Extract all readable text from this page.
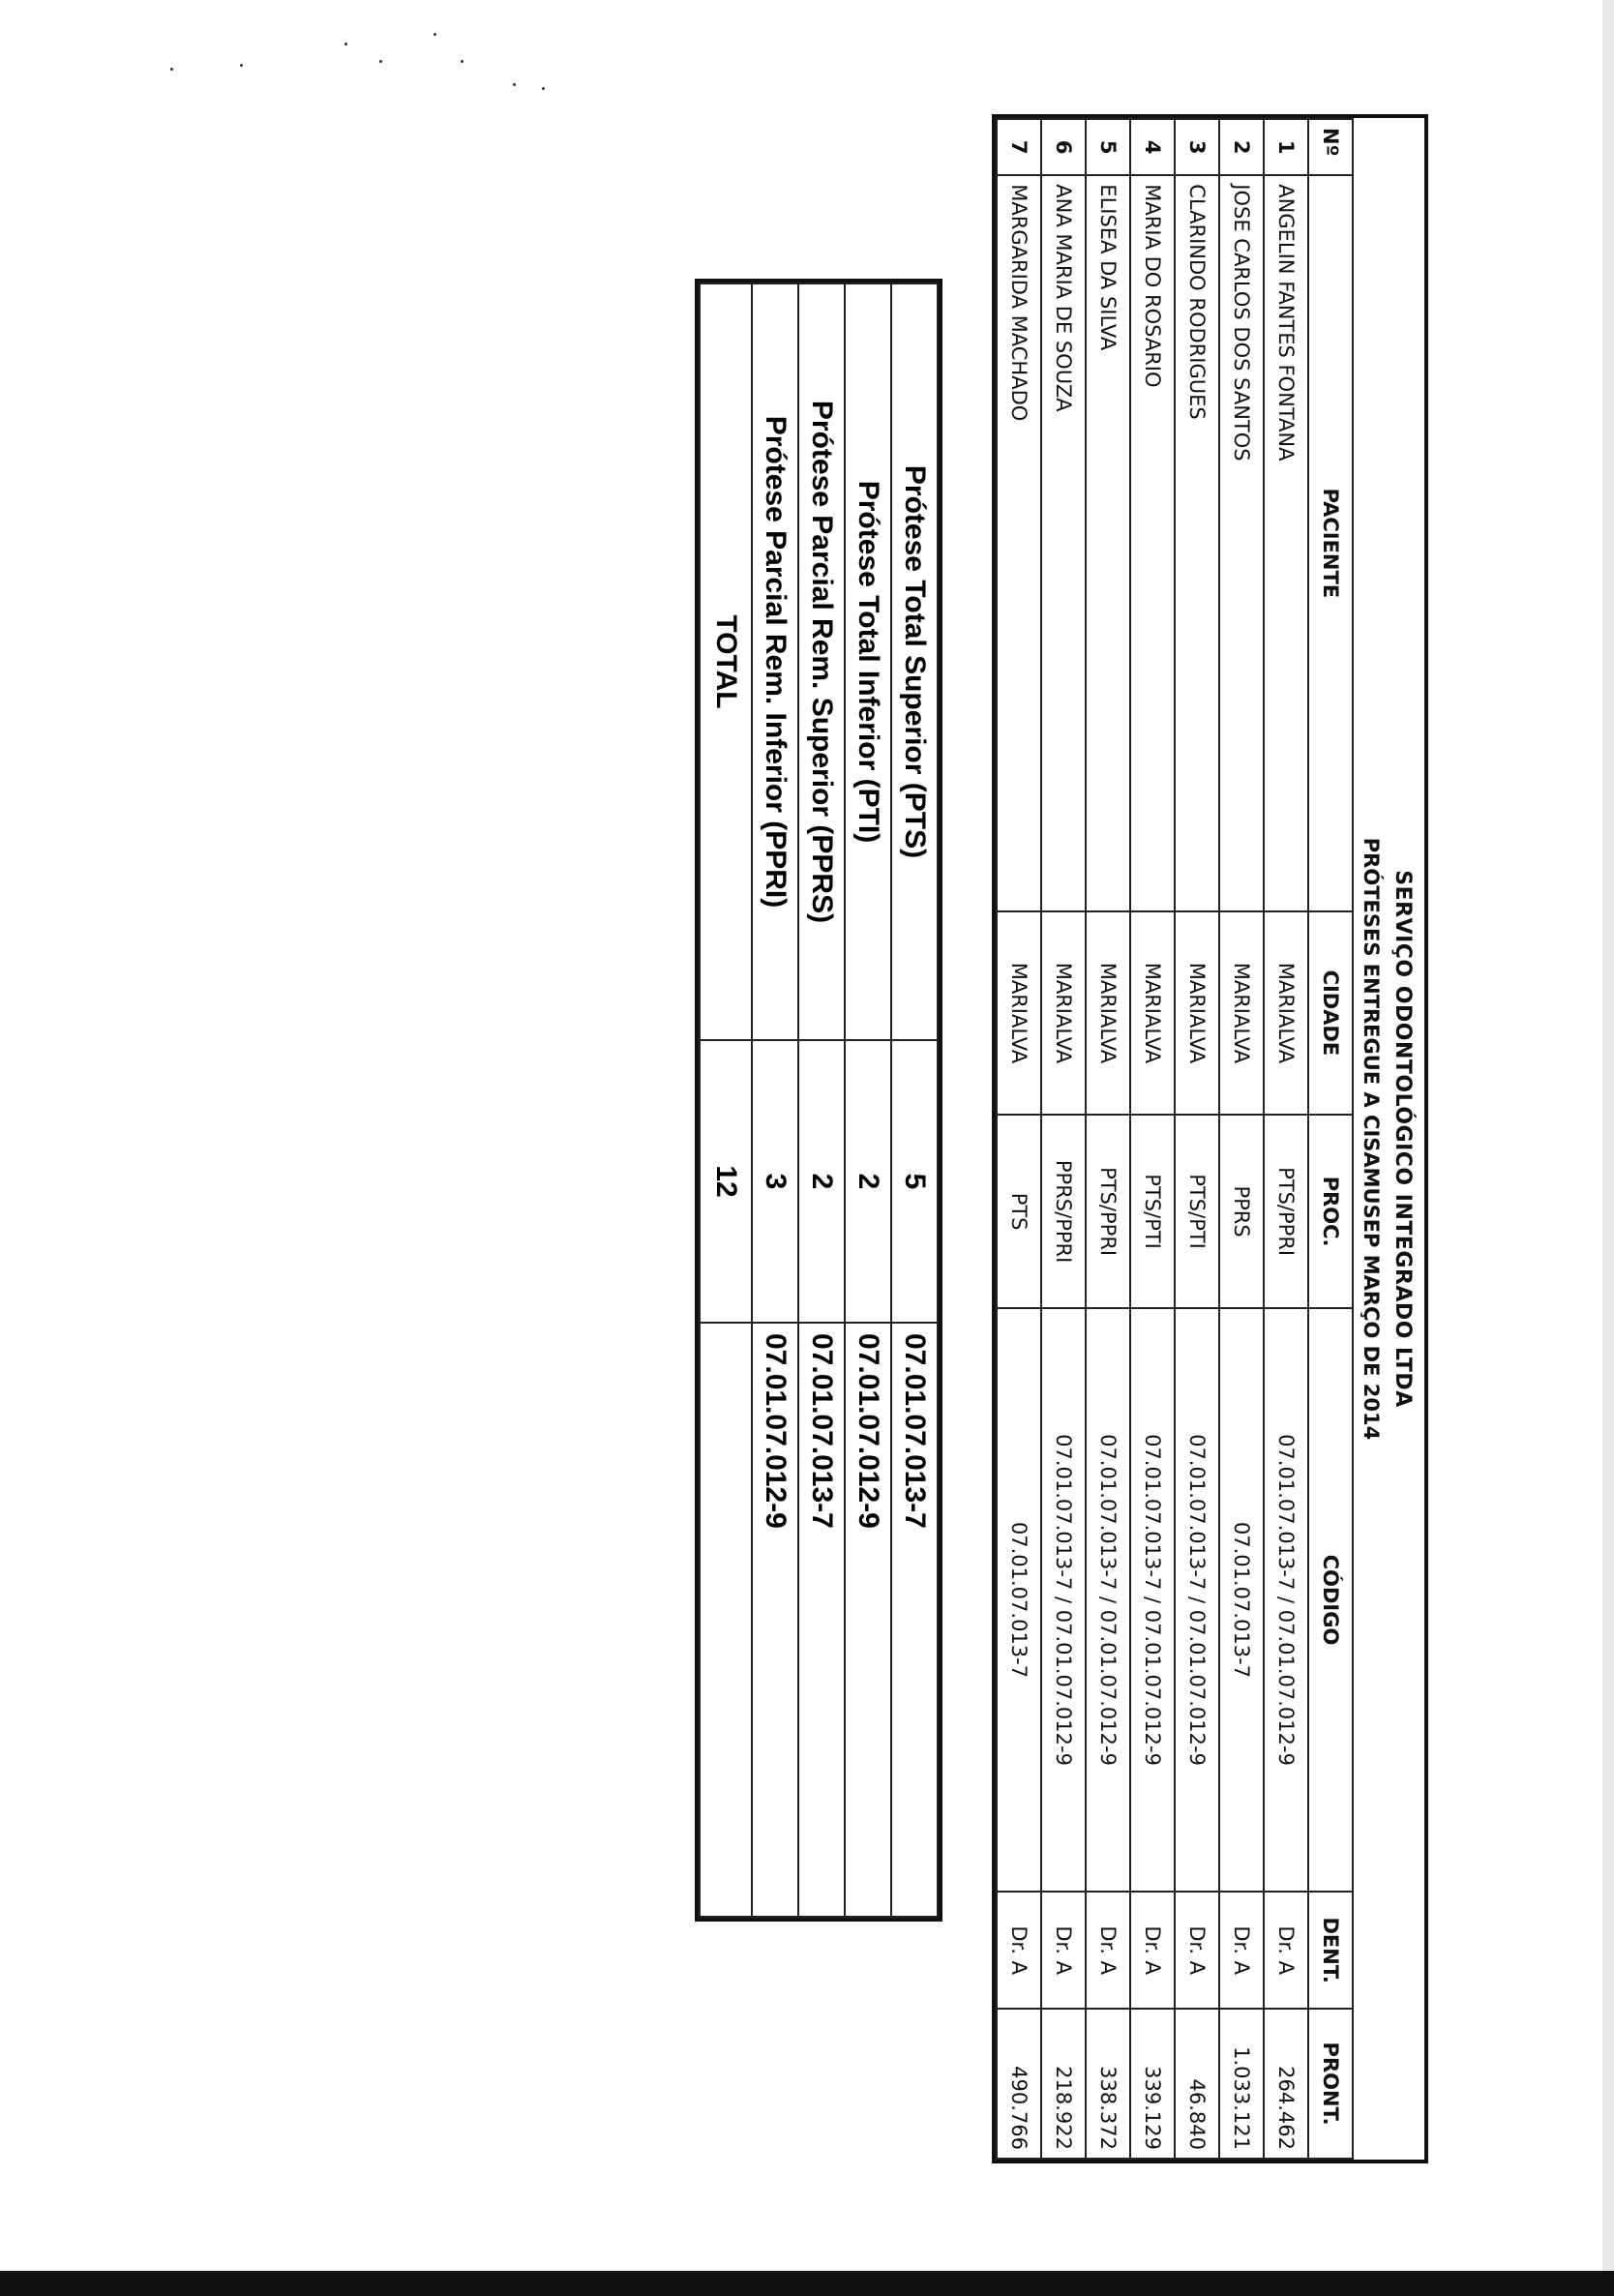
SERVIÇO ODONTOLÓGICO INTEGRADO LTDA
PRÓTESES ENTREGUE A CISAMUSEP MARÇO DE 2014
Nº	PACIENTE	CIDADE	PROC.	CÓDIGO	DENT.	PRONT.
1	ANGELIN FANTES FONTANA	MARIALVA	PTS/PPRI	07.01.07.013-7 / 07.01.07.012-9	Dr. A	264.462
2	JOSE CARLOS DOS SANTOS	MARIALVA	PPRS	07.01.07.013-7	Dr. A	1.033.121
3	CLARINDO RODRIGUES	MARIALVA	PTS/PTI	07.01.07.013-7 / 07.01.07.012-9	Dr. A	46.840
4	MARIA DO ROSARIO	MARIALVA	PTS/PTI	07.01.07.013-7 / 07.01.07.012-9	Dr. A	339.129
5	ELISEA DA SILVA	MARIALVA	PTS/PPRI	07.01.07.013-7 / 07.01.07.012-9	Dr. A	338.372
6	ANA MARIA DE SOUZA	MARIALVA	PPRS/PPRI	07.01.07.013-7 / 07.01.07.012-9	Dr. A	218.922
7	MARGARIDA MACHADO	MARIALVA	PTS	07.01.07.013-7	Dr. A	490.766
Prótese Total Superior (PTS)	5	07.01.07.013-7
Prótese Total Inferior (PTI)	2	07.01.07.012-9
Prótese Parcial Rem. Superior (PPRS)	2	07.01.07.013-7
Prótese Parcial Rem. Inferior (PPRI)	3	07.01.07.012-9
TOTAL	12	
